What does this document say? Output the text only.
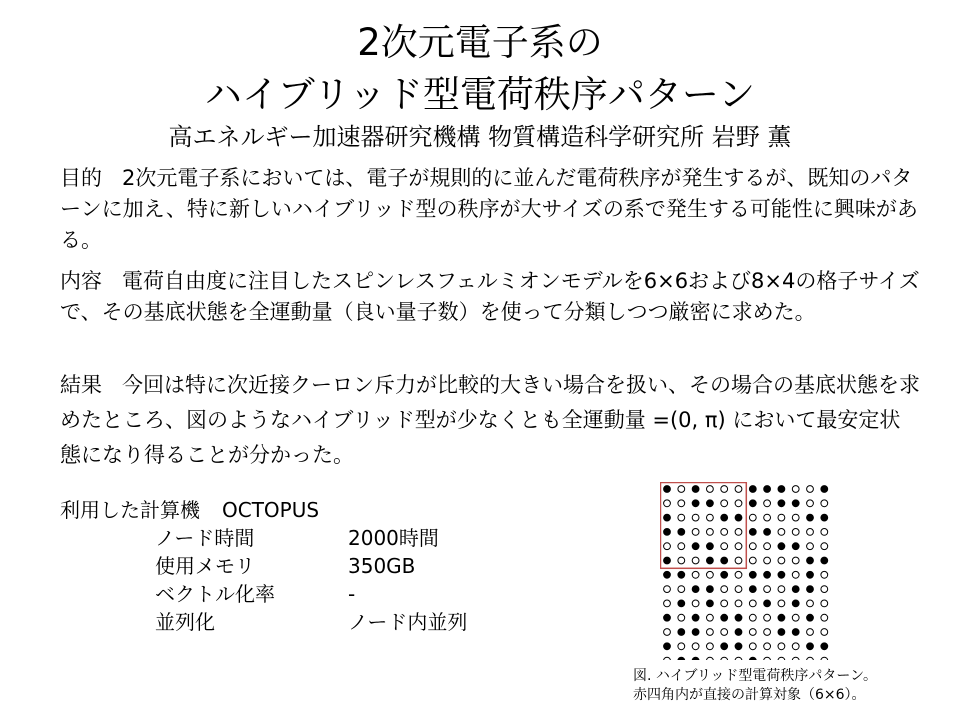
2次元電子系の
ハイブリッド型電荷秩序パターン
高エネルギー加速器研究機構 物質構造科学研究所 岩野 薫

目的 2次元電子系においては、電子が規則的に並んだ電荷秩序が発生するが、既知のパターンに加え、特に新しいハイブリッド型の秩序が大サイズの系で発生する可能性に興味がある。

内容 電荷自由度に注目したスピンレスフェルミオンモデルを6×6および8×4の格子サイズで、その基底状態を全運動量（良い量子数）を使って分類しつつ厳密に求めた。

結果 今回は特に次近接クーロン斥力が比較的大きい場合を扱い、その場合の基底状態を求めたところ、図のようなハイブリッド型が少なくとも全運動量 =(0, π) において最安定状態になり得ることが分かった。

利用した計算機 OCTOPUS
ノード時間	2000時間
使用メモリ	350GB
ベクトル化率	-
並列化	ノード内並列
図. ハイブリッド型電荷秩序パターン。
赤四角内が直接の計算対象（6×6）。
